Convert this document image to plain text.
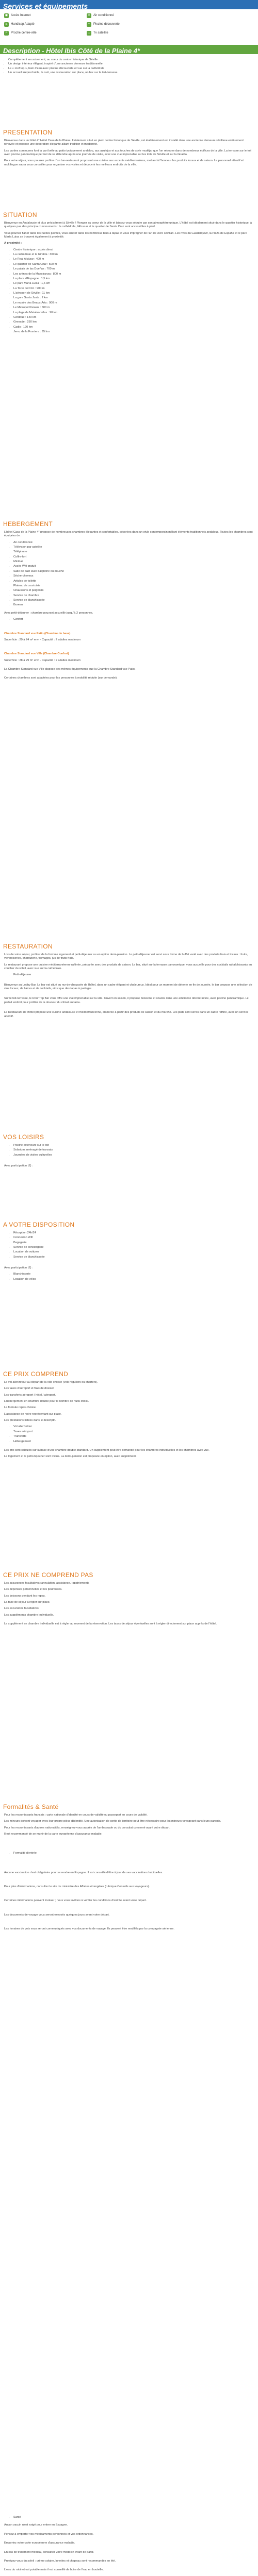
Services et équipements
◼	Accès Internet	❄ Air conditionné
♿ Handicap Adapté	≈	Piscine découverte
P	Proche centre-ville	▭ Tv satellite
Description - Hôtel Ibis Côté de la Plaine 4*
• Complètement encastrement, au coeur du centre historique de Séville
• Un design intérieur élégant, inspiré d'une ancienne demeure traditionnelle
• Le « roof top », bain d'eau avec piscine découverte et vue sur la cathédrale
• Un accueil irréprochable, la nuit, une restauration sur place, un bar sur le toit-terrasse
PRESENTATION

Bienvenue dans un hôtel 4* Hôtel Casa de la Plaine. Idéalement situé en plein centre historique de Séville, cet établissement est installé dans une ancienne demeure sévillane entièrement rénovée et propose une décoration élégante alliant tradition et modernité.

Les parties communes font la part belle au patio typiquement andalou, aux azulejos et aux touches de style mudéjar que l'on retrouve dans de nombreux édifices de la ville. La terrasse sur le toit avec piscine panoramique permet de se détendre après une journée de visite, avec une vue imprenable sur les toits de Séville et sur la Giralda.

Pour votre séjour, vous pourrez profiter d'un bar-restaurant proposant une cuisine aux accents méditerranéens, mettant à l'honneur les produits locaux et de saison. Le personnel attentif et multilingue saura vous conseiller pour organiser vos visites et découvrir les meilleurs endroits de la ville.

SITUATION

Bienvenue en Andalousie et plus précisément à Séville ! Plongez au coeur de la ville et laissez-vous séduire par son atmosphère unique. L'hôtel est idéalement situé dans le quartier historique, à quelques pas des principaux monuments : la cathédrale, l'Alcazar et le quartier de Santa Cruz sont accessibles à pied.

Vous pourrez flâner dans les ruelles pavées, vous arrêter dans les nombreux bars à tapas et vous imprégner de l'art de vivre sévillan. Les rives du Guadalquivir, la Plaza de España et le parc María Luisa se trouvent également à proximité.

A proximité :

• Centre historique : accès direct
• La cathédrale et la Giralda : 300 m
• Le Real Alcázar : 400 m
• Le quartier de Santa Cruz : 500 m
• Le palais de las Dueñas : 700 m
• Les arènes de la Maestranza : 800 m
• La place d'Espagne : 1,5 km
• Le parc María Luisa : 1,6 km
• La Torre del Oro : 900 m
• L'aéroport de Séville : 11 km
• La gare Santa Justa : 2 km
• Le musée des Beaux-Arts : 900 m
• Le Metropol Parasol : 600 m
• La plage de Matalascañas : 90 km
• Cordoue : 140 km
• Grenade : 250 km
• Cadix : 120 km
• Jerez de la Frontera : 95 km
HEBERGEMENT

L'hôtel Casa de la Plaine 4* propose de nombreuses chambres élégantes et confortables, décorées dans un style contemporain mêlant éléments traditionnels andalous. Toutes les chambres sont équipées de :

• Air conditionné
• Télévision par satellite
• Téléphone
• Coffre-fort
• Minibar
• Accès Wifi gratuit
• Salle de bain avec baignoire ou douche
• Sèche-cheveux
• Articles de toilette
• Plateau de courtoisie
• Chaussons et peignoirs
• Service de chambre
• Service de blanchisserie
• Bureau

Avec petit-déjeuner : chambre pouvant accueillir jusqu'à 2 personnes.

• Confort

Chambre Standard vue Patio (Chambre de base)

Superficie : 20 à 24 m² env. - Capacité : 2 adultes maximum

Chambre Standard vue Ville (Chambre Confort)

Superficie : 28 à 29 m² env. - Capacité : 2 adultes maximum

La Chambre Standard vue Ville dispose des mêmes équipements que la Chambre Standard vue Patio.

Certaines chambres sont adaptées pour les personnes à mobilité réduite (sur demande).

RESTAURATION

Lors de votre séjour, profitez de la formule logement et petit-déjeuner ou en option demi-pension. Le petit-déjeuner est servi sous forme de buffet varié avec des produits frais et locaux : fruits, viennoiseries, charcuterie, fromages, jus de fruits frais.

Le restaurant propose une cuisine méditerranéenne raffinée, préparée avec des produits de saison. Le bar, situé sur la terrasse panoramique, vous accueille pour des cocktails rafraîchissants au coucher du soleil, avec vue sur la cathédrale.

• Petit-déjeuner

Bienvenue au Lobby Bar. Le bar est situé au rez-de-chaussée de l'hôtel, dans un cadre élégant et chaleureux. Idéal pour un moment de détente en fin de journée, le bar propose une sélection de vins locaux, de bières et de cocktails, ainsi que des tapas à partager.

Sur le toit-terrasse, le Roof Top Bar vous offre une vue imprenable sur la ville. Ouvert en saison, il propose boissons et snacks dans une ambiance décontractée, avec piscine panoramique. Le parfait endroit pour profiter de la douceur du climat andalou.

Le Restaurant de l'hôtel propose une cuisine andalouse et méditerranéenne, élaborée à partir des produits de saison et du marché. Les plats sont servis dans un cadre raffiné, avec un service attentif.

VOS LOISIRS
• Piscine extérieure sur le toit
• Solarium aménagé de transats
• Journées de visites culturelles

Avec participation (€) :

A VOTRE DISPOSITION
• Réception 24h/24
• Connexion Wifi
• Bagagerie
• Service de conciergerie
• Location de voitures
• Service de blanchisserie

Avec participation (€) :

• Blanchisserie
• Location de vélos
CE PRIX COMPREND

Le vol aller/retour au départ de la ville choisie (vols réguliers ou charters).

Les taxes d'aéroport et frais de dossier.

Les transferts aéroport / hôtel / aéroport.

L'hébergement en chambre double pour le nombre de nuits choisi.

La formule repas choisie.

L'assistance de notre représentant sur place.

Les prestations listées dans le descriptif.

• Vol aller/retour
• Taxes aéroport
• Transferts
• Hébergement

Les prix sont calculés sur la base d'une chambre double standard. Un supplément peut être demandé pour les chambres individuelles et les chambres avec vue.

Le logement et le petit-déjeuner sont inclus. La demi-pension est proposée en option, avec supplément.

CE PRIX NE COMPREND PAS

Les assurances facultatives (annulation, assistance, rapatriement).

Les dépenses personnelles et les pourboires.

Les boissons pendant les repas.

La taxe de séjour à régler sur place.

Les excursions facultatives.

Les suppléments chambre individuelle.

Le supplément en chambre individuelle est à régler au moment de la réservation. Les taxes de séjour éventuelles sont à régler directement sur place auprès de l'hôtel.

Formalités & Santé

Pour les ressortissants français : carte nationale d'identité en cours de validité ou passeport en cours de validité.

Les mineurs doivent voyager avec leur propre pièce d'identité. Une autorisation de sortie de territoire peut être nécessaire pour les mineurs voyageant sans leurs parents.

Pour les ressortissants d'autres nationalités, renseignez-vous auprès de l'ambassade ou du consulat concerné avant votre départ.

Il est recommandé de se munir de la carte européenne d'assurance maladie.

• Formalité d'entrée

Aucune vaccination n'est obligatoire pour se rendre en Espagne. Il est conseillé d'être à jour de ses vaccinations habituelles.

Pour plus d'informations, consultez le site du ministère des Affaires étrangères (rubrique Conseils aux voyageurs).

Certaines informations peuvent évoluer ; nous vous invitons à vérifier les conditions d'entrée avant votre départ.

Les documents de voyage vous seront envoyés quelques jours avant votre départ.

Les horaires de vols vous seront communiqués avec vos documents de voyage. Ils peuvent être modifiés par la compagnie aérienne.

• Santé

Aucun vaccin n'est exigé pour entrer en Espagne.

Pensez à emporter vos médicaments personnels et vos ordonnances.

Emportez votre carte européenne d'assurance maladie.

En cas de traitement médical, consultez votre médecin avant de partir.

Protégez-vous du soleil : crème solaire, lunettes et chapeau sont recommandés en été.

L'eau du robinet est potable mais il est conseillé de boire de l'eau en bouteille.
